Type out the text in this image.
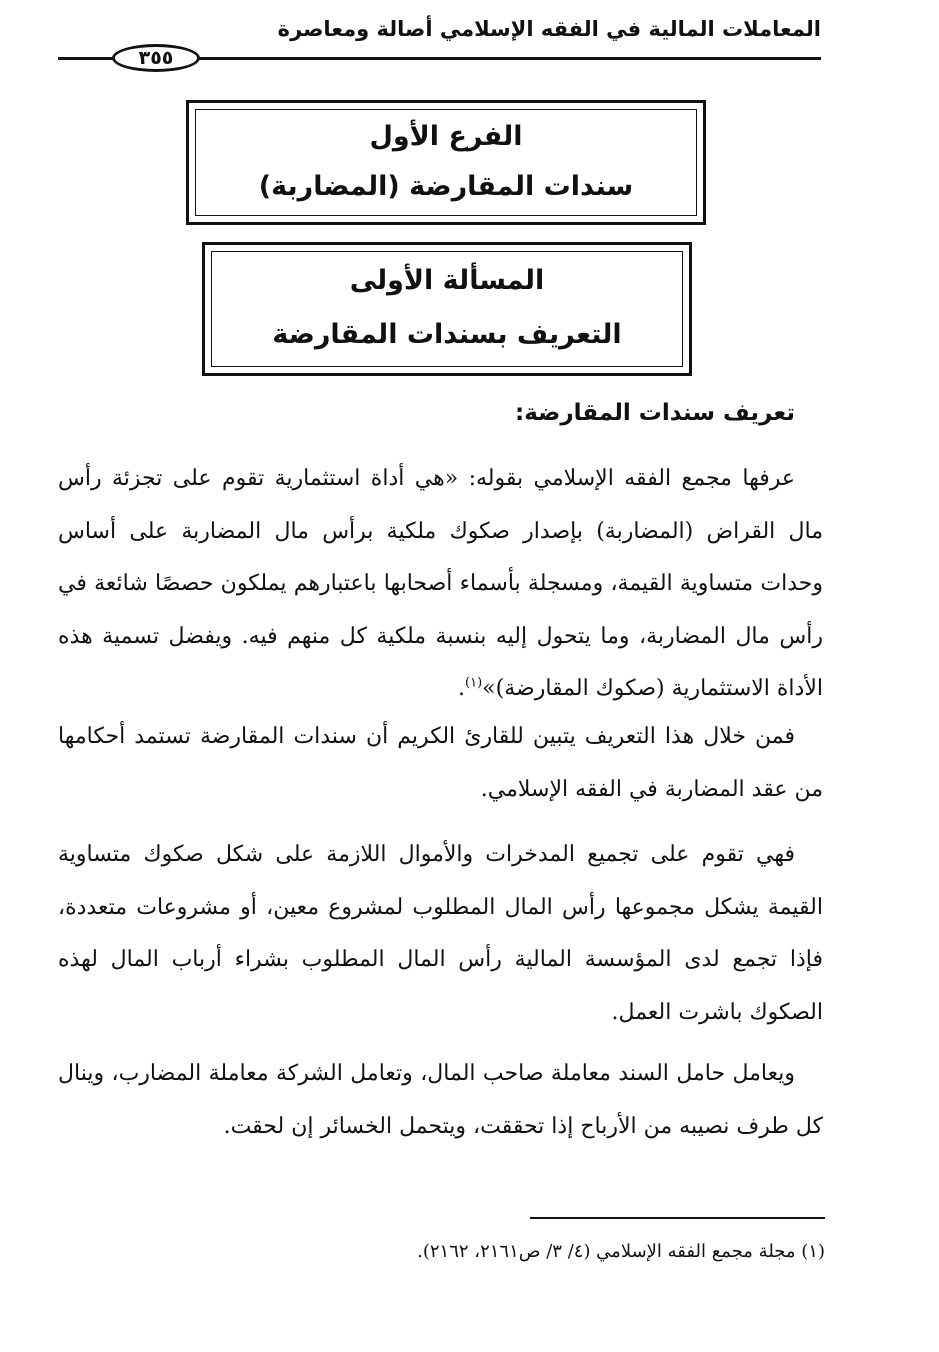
المعاملات المالية في الفقه الإسلامي أصالة ومعاصرة
٣٥٥
الفرع الأول
سندات المقارضة (المضاربة)
المسألة الأولى
التعريف بسندات المقارضة
تعريف سندات المقارضة:

عرفها مجمع الفقه الإسلامي بقوله: «هي أداة استثمارية تقوم على تجزئة رأس مال القراض (المضاربة) بإصدار صكوك ملكية برأس مال المضاربة على أساس وحدات متساوية القيمة، ومسجلة بأسماء أصحابها باعتبارهم يملكون حصصًا شائعة في رأس مال المضاربة، وما يتحول إليه بنسبة ملكية كل منهم فيه. ويفضل تسمية هذه الأداة الاستثمارية (صكوك المقارضة)»$^{(١)}$.

فمن خلال هذا التعريف يتبين للقارئ الكريم أن سندات المقارضة تستمد أحكامها من عقد المضاربة في الفقه الإسلامي.

فهي تقوم على تجميع المدخرات والأموال اللازمة على شكل صكوك متساوية القيمة يشكل مجموعها رأس المال المطلوب لمشروع معين، أو مشروعات متعددة، فإذا تجمع لدى المؤسسة المالية رأس المال المطلوب بشراء أرباب المال لهذه الصكوك باشرت العمل.

ويعامل حامل السند معاملة صاحب المال، وتعامل الشركة معاملة المضارب، وينال كل طرف نصيبه من الأرباح إذا تحققت، ويتحمل الخسائر إن لحقت.

(١) مجلة مجمع الفقه الإسلامي (٤/ ٣/ ص٢١٦١، ٢١٦٢).
